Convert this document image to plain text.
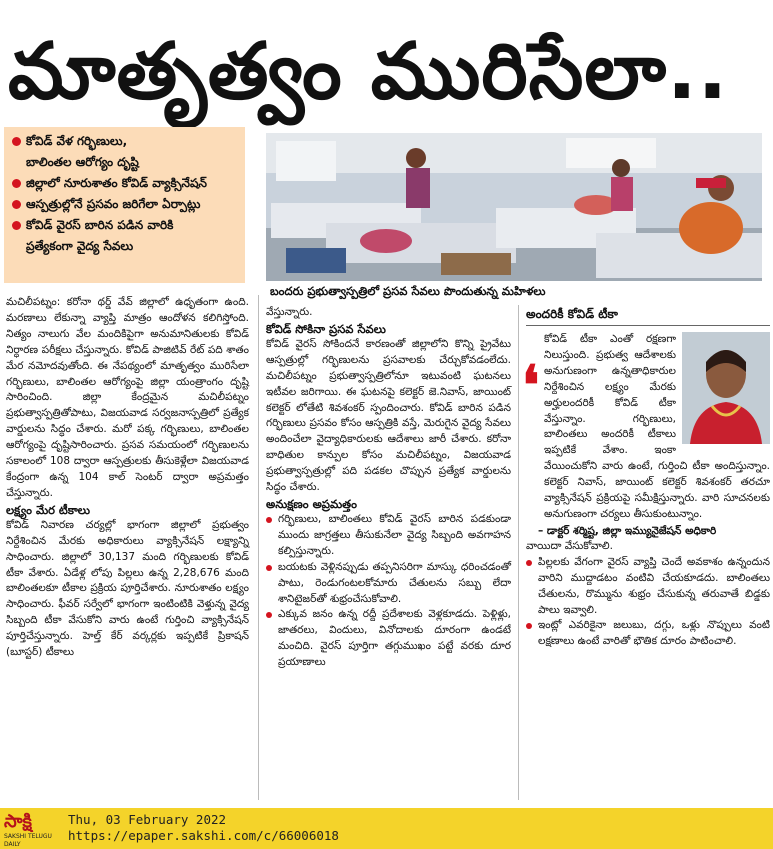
మాతృత్వం మురిసేలా..
కోవిడ్‌ వేళ గర్భిణులు,
బాలింతల ఆరోగ్యం దృష్టి
జిల్లాలో నూరుశాతం కోవిడ్‌ వ్యాక్సినేషన్‌
ఆస్పత్రుల్లోనే ప్రసవం జరిగేలా ఏర్పాట్లు
కోవిడ్‌ వైరస్‌ బారిన పడిన వారికి
ప్రత్యేకంగా వైద్య సేవలు
బందరు ప్రభుత్వాస్పత్రిలో ప్రసవ సేవలు పొందుతున్న మహిళలు

మచిలీపట్నం: కరోనా థర్డ్‌ వేవ్‌ జిల్లాలో ఉధృతంగా ఉంది. మరణాలు లేకున్నా వ్యాప్తి మాత్రం ఆందోళన కలిగిస్తోంది. నిత్యం నాలుగు వేల మందికిపైగా అనుమానితులకు కోవిడ్‌ నిర్ధారణ పరీక్షలు చేస్తున్నారు. కోవిడ్‌ పాజిటివ్‌ రేట్‌ పది శాతం మేర నమోదవుతోంది. ఈ నేపథ్యంలో మాతృత్వం మురిసేలా గర్భిణులు, బాలింతల ఆరోగ్యంపై జిల్లా యంత్రాంగం దృష్టి సారించింది. జిల్లా కేంద్రమైన మచిలీపట్నం ప్రభుత్వాస్పత్రితోపాటు, విజయవాడ సర్వజనాస్పత్రిలో ప్రత్యేక వార్డులను సిద్ధం చేశారు. మరో పక్క గర్భిణులు, బాలింతల ఆరోగ్యంపై దృష్టిసారించారు. ప్రసవ సమయంలో గర్భిణులను సకాలంలో 108 ద్వారా ఆస్పత్రులకు తీసుకెళ్లేలా విజయవాడ కేంద్రంగా ఉన్న 104 కాల్‌ సెంటర్‌ ద్వారా అప్రమత్తం చేస్తున్నారు.

లక్ష్యం మేర టీకాలు

కోవిడ్‌ నివారణ చర్యల్లో భాగంగా జిల్లాలో ప్రభుత్వం నిర్దేశించిన మేరకు అధికారులు వ్యాక్సినేషన్‌ లక్ష్యాన్ని సాధించారు. జిల్లాలో 30,137 మంది గర్భిణులకు కోవిడ్‌ టీకా వేశారు. ఏడేళ్ల లోపు పిల్లలు ఉన్న 2,28,676 మంది బాలింతలకూ టీకాల ప్రక్రియ పూర్తిచేశారు. నూరుశాతం లక్ష్యం సాధించారు. ఫీవర్‌ సర్వేలో భాగంగా ఇంటింటికి వెళ్తున్న వైద్య సిబ్బంది టీకా వేసుకోని వారు ఉంటే గుర్తించి వ్యాక్సినేషన్‌ పూర్తిచేస్తున్నారు. హెల్త్‌ కేర్‌ వర్కర్లకు ఇప్పటికే ప్రికాషన్‌ (బూస్టర్‌) టీకాలు

వేస్తున్నారు.

కోవిడ్‌ సోకినా ప్రసవ సేవలు

కోవిడ్‌ వైరస్‌ సోకిందనే కారణంతో జిల్లాలోని కొన్ని ప్రైవేటు ఆస్పత్రుల్లో గర్భిణులను ప్రసవాలకు చేర్చుకోవడంలేదు. మచిలీపట్నం ప్రభుత్వాస్పత్రిలోనూ ఇటువంటి ఘటనలు ఇటీవల జరిగాయి. ఈ ఘటనపై కలెక్టర్‌ జె.నివాస్‌, జాయింట్‌ కలెక్టర్‌ లోతేటి శివశంకర్‌ స్పందించారు. కోవిడ్‌ బారిన పడిన గర్భిణులు ప్రసవం కోసం ఆస్పత్రికి వస్తే, మెరుగైన వైద్య సేవలు అందించేలా వైద్యాధికారులకు ఆదేశాలు జారీ చేశారు. కరోనా బాధితుల కాన్పుల కోసం మచిలీపట్నం, విజయవాడ ప్రభుత్వాస్పత్రుల్లో పది పడకల చొప్పున ప్రత్యేక వార్డులను సిద్ధం చేశారు.

అనుక్షణం అప్రమత్తం

గర్భిణులు, బాలింతలు కోవిడ్‌ వైరస్‌ బారిన పడకుండా ముందు జాగ్రత్తలు తీసుకునేలా వైద్య సిబ్బంది అవగాహన కల్పిస్తున్నారు.

బయటకు వెళ్లినప్పుడు తప్పనిసరిగా మాస్కు ధరించడంతో పాటు, రెండుగంటలకోమారు చేతులను సబ్బు లేదా శానిటైజర్‌తో శుభ్రంచేసుకోవాలి.

ఎక్కువ జనం ఉన్న రద్దీ ప్రదేశాలకు వెళ్లకూడదు. పెళ్లిళ్లు, జాతరలు, విందులు, వినోదాలకు దూరంగా ఉండటే మంచిది. వైరస్‌ పూర్తిగా తగ్గుముఖం పట్టే వరకు దూర ప్రయాణాలు

అందరికీ కోవిడ్‌ టీకా
❛

కోవిడ్‌ టీకా ఎంతో రక్షణగా నిలుస్తుంది. ప్రభుత్వ ఆదేశాలకు అనుగుణంగా ఉన్నతాధికారుల నిర్దేశించిన లక్ష్యం మేరకు అర్హులందరికీ కోవిడ్‌ టీకా వేస్తున్నాం. గర్భిణులు, బాలింతలు అందరికీ టీకాలు ఇప్పటికే వేశాం. ఇంకా వేయించుకోని వారు ఉంటే, గుర్తించి టీకా అందిస్తున్నాం. కలెక్టర్‌ నివాస్‌, జాయింట్‌ కలెక్టర్‌ శివశంకర్‌ తరచూ వ్యాక్సినేషన్‌ ప్రక్రియపై సమీక్షిస్తున్నారు. వారి సూచనలకు అనుగుణంగా చర్యలు తీసుకుంటున్నాం.

– డాక్టర్‌ శర్మిష్ట, జిల్లా ఇమ్యునైజేషన్‌ అధికారి

వాయిదా వేసుకోవాలి.

పిల్లలకు వేగంగా వైరస్‌ వ్యాప్తి చెందే అవకాశం ఉన్నందున వారిని ముద్దాడటం వంటివి చేయకూడదు. బాలింతలు చేతులను, రొమ్మును శుభ్రం చేసుకున్న తరువాతే బిడ్డకు పాలు ఇవ్వాలి.

ఇంట్లో ఎవరికైనా జలుబు, దగ్గు, ఒళ్లు నొప్పులు వంటి లక్షణాలు ఉంటే వారితో భౌతిక దూరం పాటించాలి.

సాక్షి
SAKSHI TELUGU DAILY
Thu, 03 February 2022
https://epaper.sakshi.com/c/66006018
